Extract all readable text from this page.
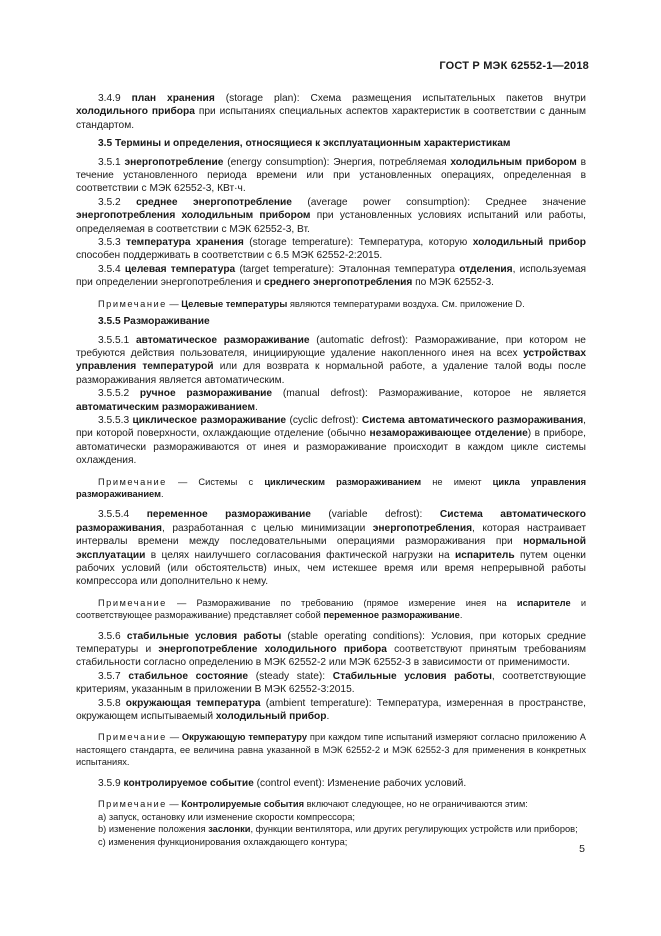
ГОСТ Р МЭК 62552-1—2018

3.4.9 план хранения (storage plan): Схема размещения испытательных пакетов внутри холодильного прибора при испытаниях специальных аспектов характеристик в соответствии с данным стандартом.

3.5 Термины и определения, относящиеся к эксплуатационным характеристикам

3.5.1 энергопотребление (energy consumption): Энергия, потребляемая холодильным прибором в течение установленного периода времени или при установленных операциях, определенная в соответствии с МЭК 62552-3, КВт·ч.

3.5.2 среднее энергопотребление (average power consumption): Среднее значение энергопотребления холодильным прибором при установленных условиях испытаний или работы, определяемая в соответствии с МЭК 62552-3, Вт.

3.5.3 температура хранения (storage temperature): Температура, которую холодильный прибор способен поддерживать в соответствии с 6.5 МЭК 62552-2:2015.

3.5.4 целевая температура (target temperature): Эталонная температура отделения, используемая при определении энергопотребления и среднего энергопотребления по МЭК 62552-3.

Примечание — Целевые температуры являются температурами воздуха. См. приложение D.

3.5.5 Размораживание

3.5.5.1 автоматическое размораживание (automatic defrost): Размораживание, при котором не требуются действия пользователя, инициирующие удаление накопленного инея на всех устройствах управления температурой или для возврата к нормальной работе, а удаление талой воды после размораживания является автоматическим.

3.5.5.2 ручное размораживание (manual defrost): Размораживание, которое не является автоматическим размораживанием.

3.5.5.3 циклическое размораживание (cyclic defrost): Система автоматического размораживания, при которой поверхности, охлаждающие отделение (обычно незамораживающее отделение) в приборе, автоматически размораживаются от инея и размораживание происходит в каждом цикле системы охлаждения.

Примечание — Системы с циклическим размораживанием не имеют цикла управления размораживанием.

3.5.5.4 переменное размораживание (variable defrost): Система автоматического размораживания, разработанная с целью минимизации энергопотребления, которая настраивает интервалы времени между последовательными операциями размораживания при нормальной эксплуатации в целях наилучшего согласования фактической нагрузки на испаритель путем оценки рабочих условий (или обстоятельств) иных, чем истекшее время или время непрерывной работы компрессора или дополнительно к нему.

Примечание — Размораживание по требованию (прямое измерение инея на испарителе и соответствующее размораживание) представляет собой переменное размораживание.

3.5.6 стабильные условия работы (stable operating conditions): Условия, при которых средние температуры и энергопотребление холодильного прибора соответствуют принятым требованиям стабильности согласно определению в МЭК 62552-2 или МЭК 62552-3 в зависимости от применимости.

3.5.7 стабильное состояние (steady state): Стабильные условия работы, соответствующие критериям, указанным в приложении В МЭК 62552-3:2015.

3.5.8 окружающая температура (ambient temperature): Температура, измеренная в пространстве, окружающем испытываемый холодильный прибор.

Примечание — Окружающую температуру при каждом типе испытаний измеряют согласно приложению А настоящего стандарта, ее величина равна указанной в МЭК 62552-2 и МЭК 62552-3 для применения в конкретных испытаниях.

3.5.9 контролируемое событие (control event): Изменение рабочих условий.

Примечание — Контролируемые события включают следующее, но не ограничиваются этим:

а) запуск, остановку или изменение скорости компрессора;

b) изменение положения заслонки, функции вентилятора, или других регулирующих устройств или приборов;

с) изменения функционирования охлаждающего контура;

5
